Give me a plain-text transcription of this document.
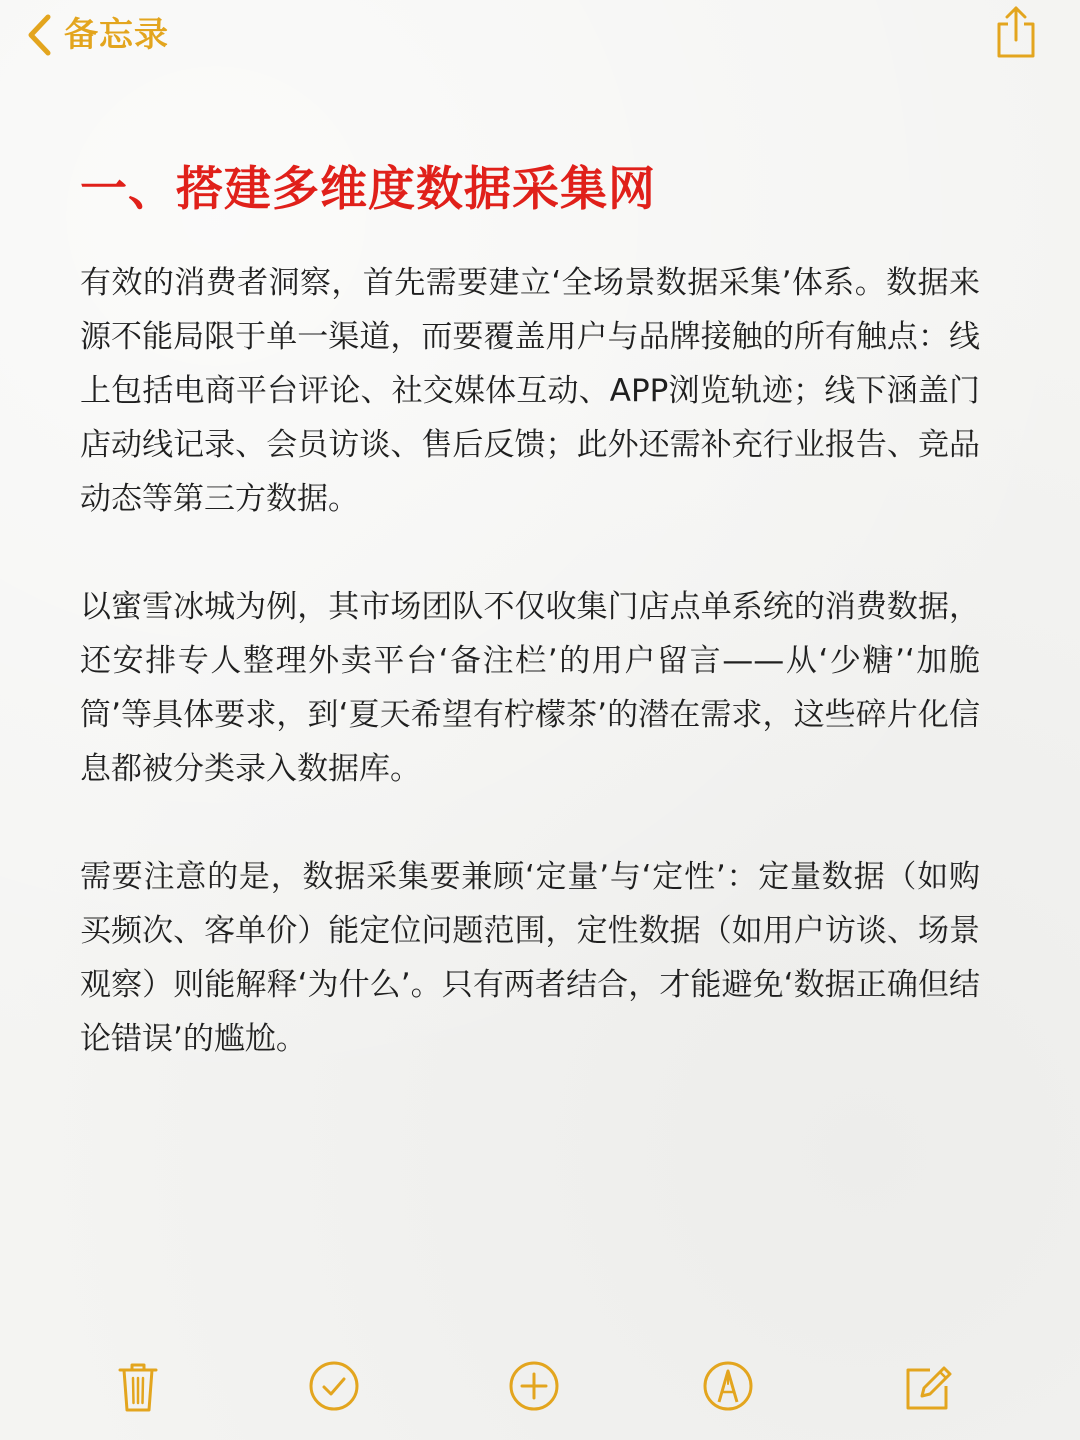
备忘录
一、搭建多维度数据采集网

有效的消费者洞察，首先需要建立‘全场景数据采集’体系。数据来源不能局限于单一渠道，而要覆盖用户与品牌接触的所有触点：线上包括电商平台评论、社交媒体互动、APP浏览轨迹；线下涵盖门店动线记录、会员访谈、售后反馈；此外还需补充行业报告、竞品动态等第三方数据。

以蜜雪冰城为例，其市场团队不仅收集门店点单系统的消费数据，还安排专人整理外卖平台‘备注栏’的用户留言——从‘少糖’‘加脆筒’等具体要求，到‘夏天希望有柠檬茶’的潜在需求，这些碎片化信息都被分类录入数据库。

需要注意的是，数据采集要兼顾‘定量’与‘定性’：定量数据（如购买频次、客单价）能定位问题范围，定性数据（如用户访谈、场景观察）则能解释‘为什么’。只有两者结合，才能避免‘数据正确但结论错误’的尴尬。
